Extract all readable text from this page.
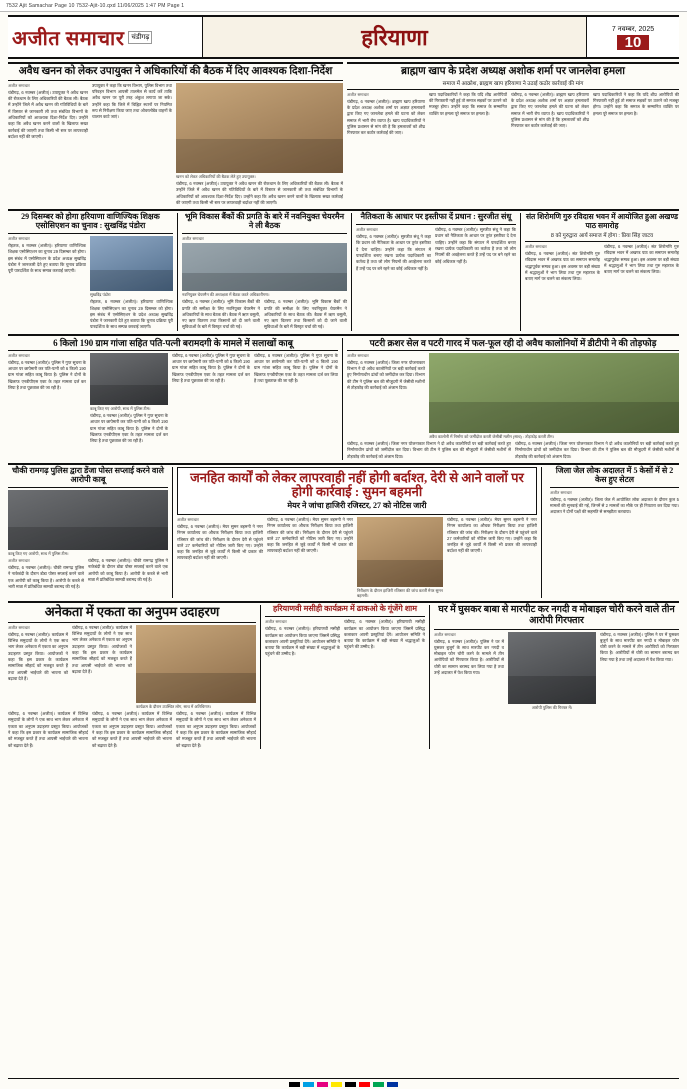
7532 Ajit Samachar Page 10 7532-Ajit-10.qxd 11/06/2025 1:47 PM Page 1
अजीत समाचार	चंडीगढ़	हरियाणा	7 नवम्बर, 2025
10
अवैध खनन को लेकर उपायुक्त ने अधिकारियों की बैठक में दिए आवश्यक दिशा-निर्देश
अजीत समाचार
चंडीगढ़, 6 नवम्बर (अजीत)। उपायुक्त ने अवैध खनन की रोकथाम के लिए अधिकारियों की बैठक ली। बैठक में उन्होंने जिले में अवैध खनन की गतिविधियों के बारे में विस्तार से जानकारी ली तथा संबंधित विभागों के अधिकारियों को आवश्यक दिशा-निर्देश दिए। उन्होंने कहा कि अवैध खनन करने वालों के खिलाफ सख्त कार्रवाई की जाएगी तथा किसी भी स्तर पर लापरवाही बर्दाश्त नहीं की जाएगी।
उपायुक्त ने कहा कि खनन विभाग, पुलिस विभाग तथा परिवहन विभाग आपसी तालमेल से कार्य करें ताकि अवैध खनन पर पूरी तरह अंकुश लगाया जा सके। उन्होंने कहा कि जिले में चिह्नित स्थानों पर नियमित रूप से निरीक्षण किया जाए तथा ओवरलोडेड वाहनों के चालान काटे जाएं।
खनन को लेकर अधिकारियों की बैठक लेते हुए उपायुक्त।
चंडीगढ़, 6 नवम्बर (अजीत)। उपायुक्त ने अवैध खनन की रोकथाम के लिए अधिकारियों की बैठक ली। बैठक में उन्होंने जिले में अवैध खनन की गतिविधियों के बारे में विस्तार से जानकारी ली तथा संबंधित विभागों के अधिकारियों को आवश्यक दिशा-निर्देश दिए। उन्होंने कहा कि अवैध खनन करने वालों के खिलाफ सख्त कार्रवाई की जाएगी तथा किसी भी स्तर पर लापरवाही बर्दाश्त नहीं की जाएगी।
ब्राह्मण खाप के प्रदेश अध्यक्ष अशोक शर्मा पर जानलेवा हमला
समाज में आक्रोश, ब्राह्मण खाप हरियाणा ने उठाई कठोर कार्रवाई की मांग
अजीत समाचार
चंडीगढ़, 6 नवम्बर (अजीत)। ब्राह्मण खाप हरियाणा के प्रदेश अध्यक्ष अशोक शर्मा पर अज्ञात हमलावरों द्वारा किए गए जानलेवा हमले की घटना को लेकर समाज में भारी रोष व्याप्त है। खाप पदाधिकारियों ने पुलिस प्रशासन से मांग की है कि हमलावरों को शीघ्र गिरफ्तार कर कठोर कार्रवाई की जाए।
खाप पदाधिकारियों ने कहा कि यदि शीघ्र आरोपियों की गिरफ्तारी नहीं हुई तो समाज सड़कों पर उतरने को मजबूर होगा। उन्होंने कहा कि समाज के सम्मानित व्यक्ति पर हमला पूरे समाज पर हमला है।
चंडीगढ़, 6 नवम्बर (अजीत)। ब्राह्मण खाप हरियाणा के प्रदेश अध्यक्ष अशोक शर्मा पर अज्ञात हमलावरों द्वारा किए गए जानलेवा हमले की घटना को लेकर समाज में भारी रोष व्याप्त है। खाप पदाधिकारियों ने पुलिस प्रशासन से मांग की है कि हमलावरों को शीघ्र गिरफ्तार कर कठोर कार्रवाई की जाए।
खाप पदाधिकारियों ने कहा कि यदि शीघ्र आरोपियों की गिरफ्तारी नहीं हुई तो समाज सड़कों पर उतरने को मजबूर होगा। उन्होंने कहा कि समाज के सम्मानित व्यक्ति पर हमला पूरे समाज पर हमला है।
29 दिसम्बर को होगा हरियाणा वाणिज्यिक शिक्षक एसोसिएशन का चुनाव : सुखविंद्र पंडोरा
अजीत समाचार
रोहतक, 6 नवम्बर (अजीत)। हरियाणा वाणिज्यिक शिक्षक एसोसिएशन का चुनाव 29 दिसम्बर को होगा। इस संबंध में एसोसिएशन के प्रदेश अध्यक्ष सुखविंद्र पंडोरा ने जानकारी देते हुए बताया कि चुनाव प्रक्रिया पूरी पारदर्शिता के साथ सम्पन्न करवाई जाएगी।
सुखविंद्र पंडोरा
रोहतक, 6 नवम्बर (अजीत)। हरियाणा वाणिज्यिक शिक्षक एसोसिएशन का चुनाव 29 दिसम्बर को होगा। इस संबंध में एसोसिएशन के प्रदेश अध्यक्ष सुखविंद्र पंडोरा ने जानकारी देते हुए बताया कि चुनाव प्रक्रिया पूरी पारदर्शिता के साथ सम्पन्न करवाई जाएगी।
भूमि विकास बैंकों की प्रगति के बारे में नवनियुक्त चेयरमैन ने ली बैठक
अजीत समाचार
नवनियुक्त चेयरमैन की अध्यक्षता में बैठक करते अधिकारीगण।
चंडीगढ़, 6 नवम्बर (अजीत)। भूमि विकास बैंकों की प्रगति की समीक्षा के लिए नवनियुक्त चेयरमैन ने अधिकारियों के साथ बैठक की। बैठक में ऋण वसूली, नए ऋण वितरण तथा किसानों को दी जाने वाली सुविधाओं के बारे में विस्तृत चर्चा की गई।
चंडीगढ़, 6 नवम्बर (अजीत)। भूमि विकास बैंकों की प्रगति की समीक्षा के लिए नवनियुक्त चेयरमैन ने अधिकारियों के साथ बैठक की। बैठक में ऋण वसूली, नए ऋण वितरण तथा किसानों को दी जाने वाली सुविधाओं के बारे में विस्तृत चर्चा की गई।
नैतिकता के आधार पर इस्तीफा दें प्रधान : सुरजीत संधू
अजीत समाचार
चंडीगढ़, 6 नवम्बर (अजीत)। सुरजीत संधू ने कहा कि प्रधान को नैतिकता के आधार पर तुरंत इस्तीफा दे देना चाहिए। उन्होंने कहा कि संगठन में पारदर्शिता बनाए रखना प्रत्येक पदाधिकारी का कर्तव्य है तथा जो लोग नियमों की अवहेलना करते हैं उन्हें पद पर बने रहने का कोई अधिकार नहीं है।
चंडीगढ़, 6 नवम्बर (अजीत)। सुरजीत संधू ने कहा कि प्रधान को नैतिकता के आधार पर तुरंत इस्तीफा दे देना चाहिए। उन्होंने कहा कि संगठन में पारदर्शिता बनाए रखना प्रत्येक पदाधिकारी का कर्तव्य है तथा जो लोग नियमों की अवहेलना करते हैं उन्हें पद पर बने रहने का कोई अधिकार नहीं है।
संत शिरोमणि गुरु रविदास भवन में आयोजित हुआ अखण्ड पाठ समारोह
8 को गुरुद्वारा आर्य समाज में होगा : प्रिया सिंह जाटव
अजीत समाचार
चंडीगढ़, 6 नवम्बर (अजीत)। संत शिरोमणि गुरु रविदास भवन में अखण्ड पाठ का समापन समारोह श्रद्धापूर्वक सम्पन्न हुआ। इस अवसर पर बड़ी संख्या में श्रद्धालुओं ने भाग लिया तथा गुरु महाराज के बताए मार्ग पर चलने का संकल्प लिया।
चंडीगढ़, 6 नवम्बर (अजीत)। संत शिरोमणि गुरु रविदास भवन में अखण्ड पाठ का समापन समारोह श्रद्धापूर्वक सम्पन्न हुआ। इस अवसर पर बड़ी संख्या में श्रद्धालुओं ने भाग लिया तथा गुरु महाराज के बताए मार्ग पर चलने का संकल्प लिया।
6 किलो 190 ग्राम गांजा सहित पति-पत्नी बरामदगी के मामले में सलाखों काबू
अजीत समाचार
चंडीगढ़, 6 नवम्बर (अजीत)। पुलिस ने गुप्त सूचना के आधार पर छापेमारी कर पति-पत्नी को 6 किलो 190 ग्राम गांजा सहित काबू किया है। पुलिस ने दोनों के खिलाफ एनडीपीएस एक्ट के तहत मामला दर्ज कर लिया है तथा पूछताछ की जा रही है।
काबू किए गए आरोपी, साथ में पुलिस टीम।
चंडीगढ़, 6 नवम्बर (अजीत)। पुलिस ने गुप्त सूचना के आधार पर छापेमारी कर पति-पत्नी को 6 किलो 190 ग्राम गांजा सहित काबू किया है। पुलिस ने दोनों के खिलाफ एनडीपीएस एक्ट के तहत मामला दर्ज कर लिया है तथा पूछताछ की जा रही है।
चंडीगढ़, 6 नवम्बर (अजीत)। पुलिस ने गुप्त सूचना के आधार पर छापेमारी कर पति-पत्नी को 6 किलो 190 ग्राम गांजा सहित काबू किया है। पुलिस ने दोनों के खिलाफ एनडीपीएस एक्ट के तहत मामला दर्ज कर लिया है तथा पूछताछ की जा रही है।
चंडीगढ़, 6 नवम्बर (अजीत)। पुलिस ने गुप्त सूचना के आधार पर छापेमारी कर पति-पत्नी को 6 किलो 190 ग्राम गांजा सहित काबू किया है। पुलिस ने दोनों के खिलाफ एनडीपीएस एक्ट के तहत मामला दर्ज कर लिया है तथा पूछताछ की जा रही है।
पटरी क्रशर सेल व पटरी गारद में फल-फूल रही दो अवैध कालोनियों में डीटीपी ने की तोड़फोड़
अजीत समाचार
चंडीगढ़, 6 नवम्बर (अजीत)। जिला नगर योजनाकार विभाग ने दो अवैध कालोनियों पर बड़ी कार्रवाई करते हुए निर्माणाधीन ढांचों को जमींदोज कर दिया। विभाग की टीम ने पुलिस बल की मौजूदगी में जेसीबी मशीनों से तोड़फोड़ की कार्रवाई को अंजाम दिया।
अवैध कालोनी में निर्माण को जमींदोज करती जेसीबी मशीन (साथ) : तोड़फोड़ करती टीम।
चंडीगढ़, 6 नवम्बर (अजीत)। जिला नगर योजनाकार विभाग ने दो अवैध कालोनियों पर बड़ी कार्रवाई करते हुए निर्माणाधीन ढांचों को जमींदोज कर दिया। विभाग की टीम ने पुलिस बल की मौजूदगी में जेसीबी मशीनों से तोड़फोड़ की कार्रवाई को अंजाम दिया।
चंडीगढ़, 6 नवम्बर (अजीत)। जिला नगर योजनाकार विभाग ने दो अवैध कालोनियों पर बड़ी कार्रवाई करते हुए निर्माणाधीन ढांचों को जमींदोज कर दिया। विभाग की टीम ने पुलिस बल की मौजूदगी में जेसीबी मशीनों से तोड़फोड़ की कार्रवाई को अंजाम दिया।
चौकी रामगढ़ पुलिस द्वारा डेंजा पोस्त सप्लाई करने वाले आरोपी काबू
काबू किए गए आरोपी, साथ में पुलिस टीम।
अजीत समाचार
चंडीगढ़, 6 नवम्बर (अजीत)। चौकी रामगढ़ पुलिस ने नाकेबंदी के दौरान डोडा पोस्त सप्लाई करने वाले एक आरोपी को काबू किया है। आरोपी के कब्जे से भारी मात्रा में प्रतिबंधित सामग्री बरामद की गई है।
चंडीगढ़, 6 नवम्बर (अजीत)। चौकी रामगढ़ पुलिस ने नाकेबंदी के दौरान डोडा पोस्त सप्लाई करने वाले एक आरोपी को काबू किया है। आरोपी के कब्जे से भारी मात्रा में प्रतिबंधित सामग्री बरामद की गई है।
जनहित कार्यों को लेकर लापरवाही नहीं होगी बर्दाश्त, देरी से आने वालों पर होगी कार्रवाई : सुमन बहमनी
मेयर ने जांचा हाजिरी रजिस्टर, 27 को नोटिस जारी
अजीत समाचार
चंडीगढ़, 6 नवम्बर (अजीत)। मेयर सुमन बहमनी ने नगर निगम कार्यालय का औचक निरीक्षण किया तथा हाजिरी रजिस्टर की जांच की। निरीक्षण के दौरान देरी से पहुंचने वाले 27 कर्मचारियों को नोटिस जारी किए गए। उन्होंने कहा कि जनहित से जुड़े कार्यों में किसी भी प्रकार की लापरवाही बर्दाश्त नहीं की जाएगी।
चंडीगढ़, 6 नवम्बर (अजीत)। मेयर सुमन बहमनी ने नगर निगम कार्यालय का औचक निरीक्षण किया तथा हाजिरी रजिस्टर की जांच की। निरीक्षण के दौरान देरी से पहुंचने वाले 27 कर्मचारियों को नोटिस जारी किए गए। उन्होंने कहा कि जनहित से जुड़े कार्यों में किसी भी प्रकार की लापरवाही बर्दाश्त नहीं की जाएगी।
निरीक्षण के दौरान हाजिरी रजिस्टर की जांच करतीं मेयर सुमन बहमनी।
चंडीगढ़, 6 नवम्बर (अजीत)। मेयर सुमन बहमनी ने नगर निगम कार्यालय का औचक निरीक्षण किया तथा हाजिरी रजिस्टर की जांच की। निरीक्षण के दौरान देरी से पहुंचने वाले 27 कर्मचारियों को नोटिस जारी किए गए। उन्होंने कहा कि जनहित से जुड़े कार्यों में किसी भी प्रकार की लापरवाही बर्दाश्त नहीं की जाएगी।
जिला जेल लोक अदालत में 5 केसों में से 2 केस हुए सेटल
अजीत समाचार
चंडीगढ़, 6 नवम्बर (अजीत)। जिला जेल में आयोजित लोक अदालत के दौरान कुल 5 मामलों की सुनवाई की गई, जिनमें से 2 मामलों का मौके पर ही निपटारा कर दिया गया। अदालत ने दोनों पक्षों की सहमति से समझौता करवाया।
अनेकता में एकता का अनुपम उदाहरण
अजीत समाचार
चंडीगढ़, 6 नवम्बर (अजीत)। कार्यक्रम में विभिन्न समुदायों के लोगों ने एक साथ भाग लेकर अनेकता में एकता का अनुपम उदाहरण प्रस्तुत किया। आयोजकों ने कहा कि इस प्रकार के कार्यक्रम सामाजिक सौहार्द को मजबूत करते हैं तथा आपसी भाईचारे की भावना को बढ़ावा देते हैं।
चंडीगढ़, 6 नवम्बर (अजीत)। कार्यक्रम में विभिन्न समुदायों के लोगों ने एक साथ भाग लेकर अनेकता में एकता का अनुपम उदाहरण प्रस्तुत किया। आयोजकों ने कहा कि इस प्रकार के कार्यक्रम सामाजिक सौहार्द को मजबूत करते हैं तथा आपसी भाईचारे की भावना को बढ़ावा देते हैं।
कार्यक्रम के दौरान उपस्थित लोग, साथ में अतिथिगण।
चंडीगढ़, 6 नवम्बर (अजीत)। कार्यक्रम में विभिन्न समुदायों के लोगों ने एक साथ भाग लेकर अनेकता में एकता का अनुपम उदाहरण प्रस्तुत किया। आयोजकों ने कहा कि इस प्रकार के कार्यक्रम सामाजिक सौहार्द को मजबूत करते हैं तथा आपसी भाईचारे की भावना को बढ़ावा देते हैं।
चंडीगढ़, 6 नवम्बर (अजीत)। कार्यक्रम में विभिन्न समुदायों के लोगों ने एक साथ भाग लेकर अनेकता में एकता का अनुपम उदाहरण प्रस्तुत किया। आयोजकों ने कहा कि इस प्रकार के कार्यक्रम सामाजिक सौहार्द को मजबूत करते हैं तथा आपसी भाईचारे की भावना को बढ़ावा देते हैं।
चंडीगढ़, 6 नवम्बर (अजीत)। कार्यक्रम में विभिन्न समुदायों के लोगों ने एक साथ भाग लेकर अनेकता में एकता का अनुपम उदाहरण प्रस्तुत किया। आयोजकों ने कहा कि इस प्रकार के कार्यक्रम सामाजिक सौहार्द को मजबूत करते हैं तथा आपसी भाईचारे की भावना को बढ़ावा देते हैं।
हरियाणवी मसीही कार्यक्रम में ढाकओ के गूंजेंगे शाम
अजीत समाचार
चंडीगढ़, 6 नवम्बर (अजीत)। हरियाणवी मसीही कार्यक्रम का आयोजन किया जाएगा जिसमें प्रसिद्ध कलाकार अपनी प्रस्तुतियां देंगे। आयोजन समिति ने बताया कि कार्यक्रम में बड़ी संख्या में श्रद्धालुओं के पहुंचने की उम्मीद है।
चंडीगढ़, 6 नवम्बर (अजीत)। हरियाणवी मसीही कार्यक्रम का आयोजन किया जाएगा जिसमें प्रसिद्ध कलाकार अपनी प्रस्तुतियां देंगे। आयोजन समिति ने बताया कि कार्यक्रम में बड़ी संख्या में श्रद्धालुओं के पहुंचने की उम्मीद है।
घर में घुसकर बाबा से मारपीट कर नगदी व मोबाइल चोरी करने वाले तीन आरोपी गिरफ्तार
अजीत समाचार
चंडीगढ़, 6 नवम्बर (अजीत)। पुलिस ने घर में घुसकर बुजुर्ग के साथ मारपीट कर नगदी व मोबाइल फोन चोरी करने के मामले में तीन आरोपियों को गिरफ्तार किया है। आरोपियों से चोरी का सामान बरामद कर लिया गया है तथा उन्हें अदालत में पेश किया गया।
आरोपी पुलिस की गिरफ्त में।
चंडीगढ़, 6 नवम्बर (अजीत)। पुलिस ने घर में घुसकर बुजुर्ग के साथ मारपीट कर नगदी व मोबाइल फोन चोरी करने के मामले में तीन आरोपियों को गिरफ्तार किया है। आरोपियों से चोरी का सामान बरामद कर लिया गया है तथा उन्हें अदालत में पेश किया गया।
